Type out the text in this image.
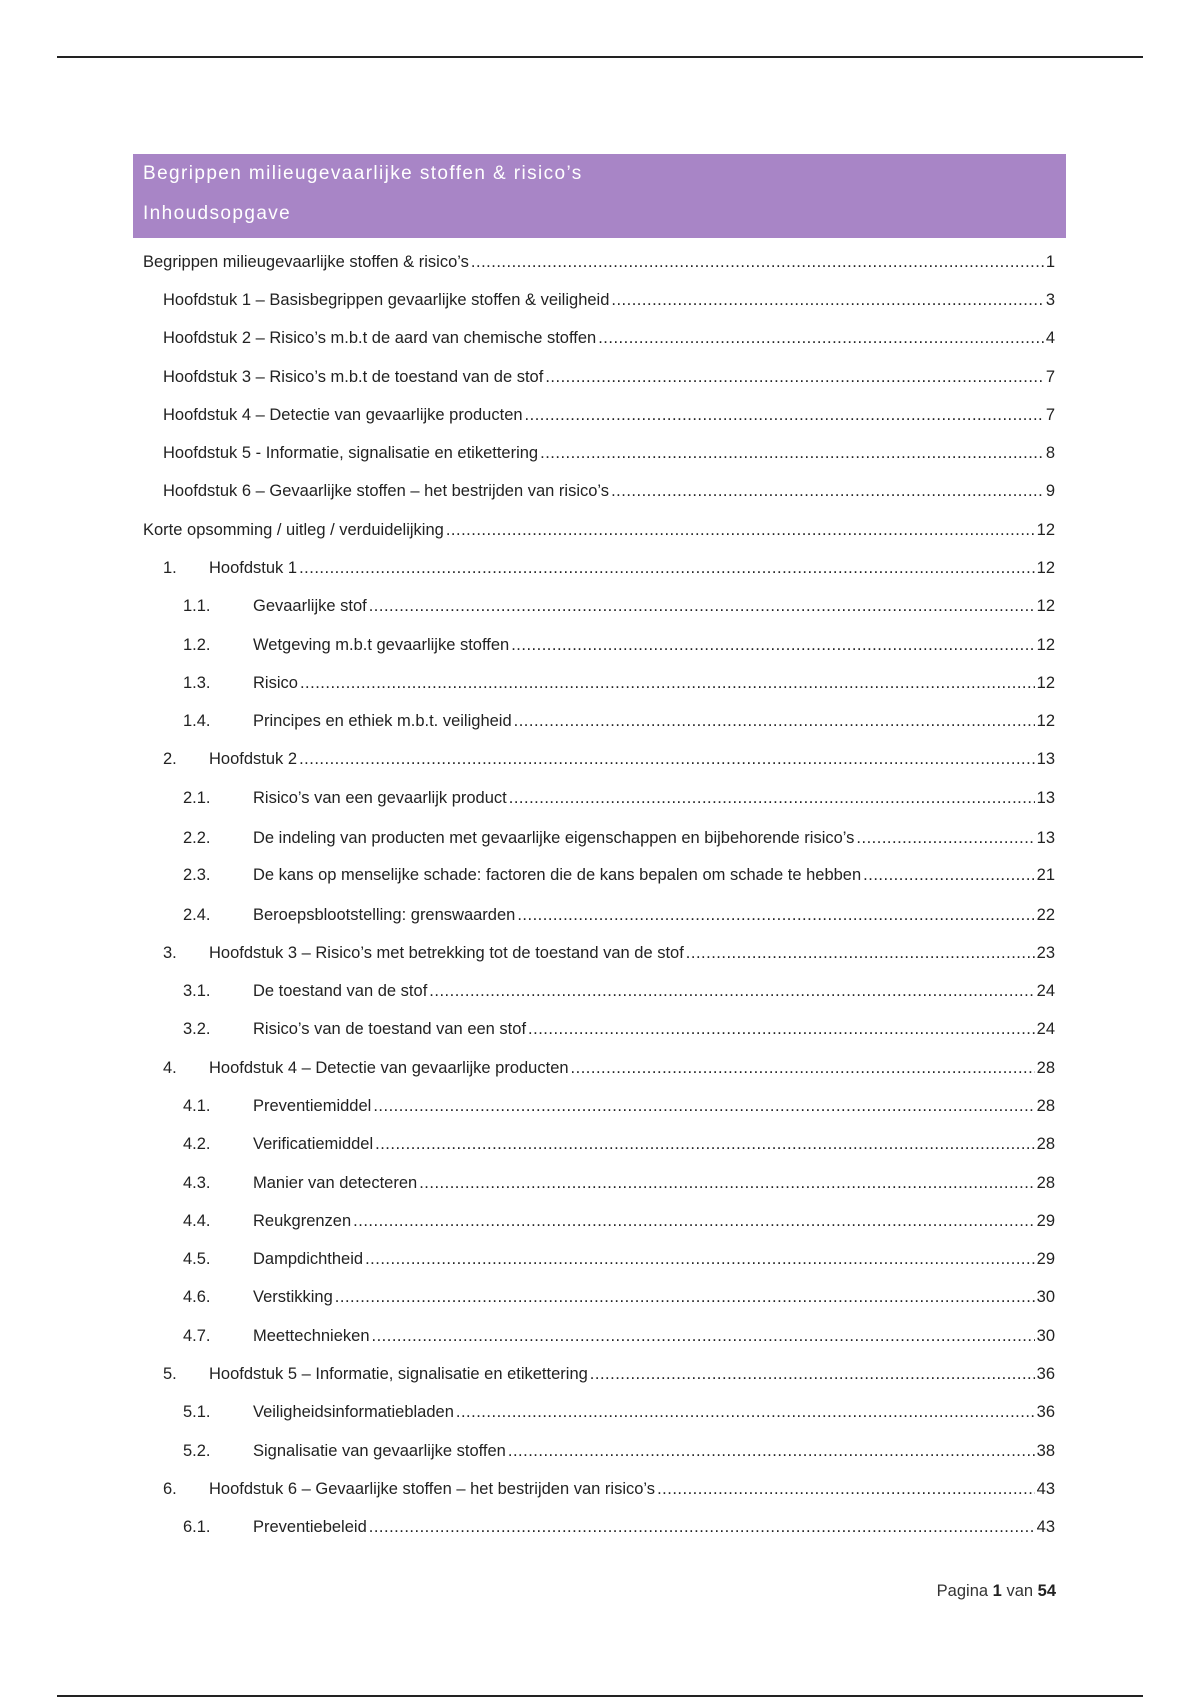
Begrippen milieugevaarlijke stoffen & risico’s
Inhoudsopgave
Begrippen milieugevaarlijke stoffen & risico’s .....	1
Hoofdstuk 1 – Basisbegrippen gevaarlijke stoffen & veiligheid .....	3
Hoofdstuk 2 – Risico’s m.b.t de aard van chemische stoffen .....	4
Hoofdstuk 3 – Risico’s m.b.t de toestand van de stof .....	7
Hoofdstuk 4 – Detectie van gevaarlijke producten .....	7
Hoofdstuk 5 - Informatie, signalisatie en etikettering .....	8
Hoofdstuk 6 – Gevaarlijke stoffen – het bestrijden van risico’s .....	9
Korte opsomming / uitleg / verduidelijking .....	12
1.	Hoofdstuk 1 .....	12
1.1.	Gevaarlijke stof .....	12
1.2.	Wetgeving m.b.t gevaarlijke stoffen .....	12
1.3.	Risico .....	12
1.4.	Principes en ethiek m.b.t. veiligheid .....	12
2.	Hoofdstuk 2 .....	13
2.1.	Risico’s van een gevaarlijk product .....	13
2.2.	De indeling van producten met gevaarlijke eigenschappen en bijbehorende risico’s .....	13
2.3.	De kans op menselijke schade: factoren die de kans bepalen om schade te hebben .....	21
2.4.	Beroepsblootstelling: grenswaarden .....	22
3.	Hoofdstuk 3 – Risico’s met betrekking tot de toestand van de stof .....	23
3.1.	De toestand van de stof .....	24
3.2.	Risico’s van de toestand van een stof .....	24
4.	Hoofdstuk 4 – Detectie van gevaarlijke producten .....	28
4.1.	Preventiemiddel .....	28
4.2.	Verificatiemiddel .....	28
4.3.	Manier van detecteren .....	28
4.4.	Reukgrenzen .....	29
4.5.	Dampdichtheid .....	29
4.6.	Verstikking .....	30
4.7.	Meettechnieken .....	30
5.	Hoofdstuk 5 – Informatie, signalisatie en etikettering .....	36
5.1.	Veiligheidsinformatiebladen .....	36
5.2.	Signalisatie van gevaarlijke stoffen .....	38
6.	Hoofdstuk 6 – Gevaarlijke stoffen – het bestrijden van risico’s .....	43
6.1.	Preventiebeleid .....	43
Pagina 1 van 54
